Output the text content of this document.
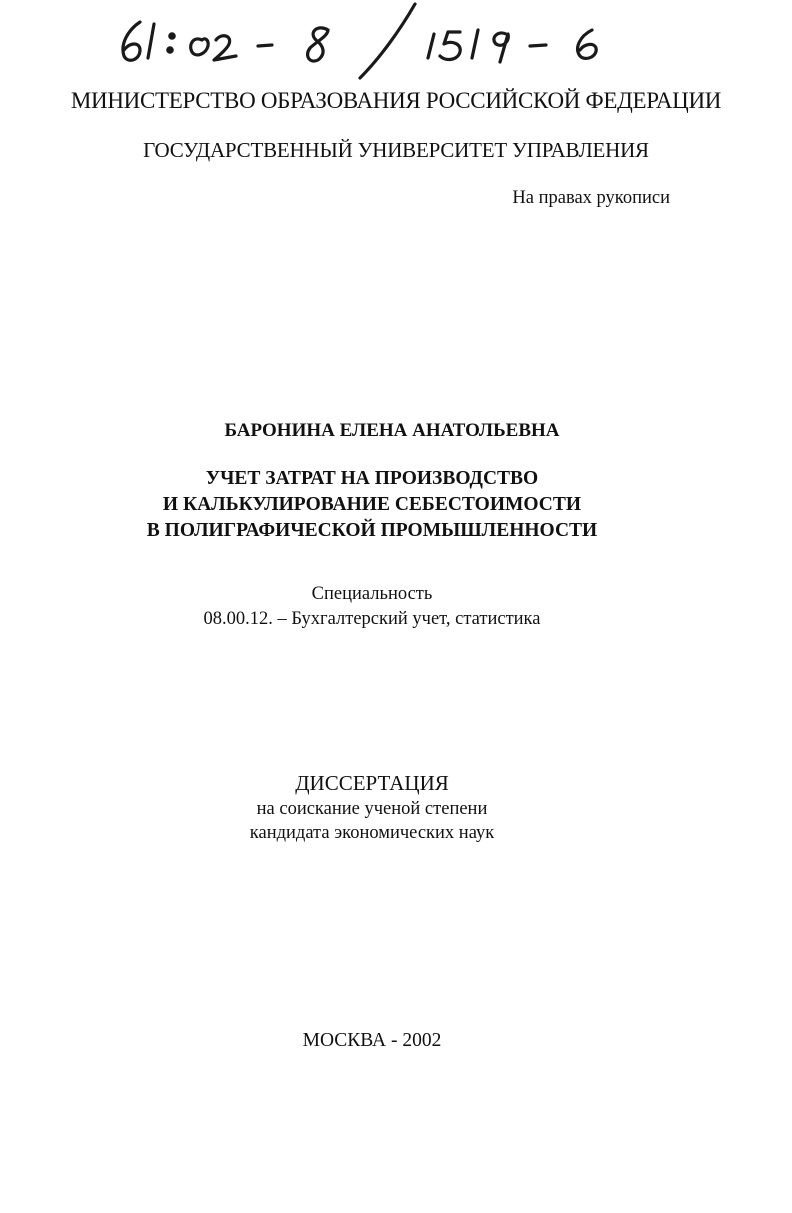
МИНИСТЕРСТВО ОБРАЗОВАНИЯ РОССИЙСКОЙ ФЕДЕРАЦИИ
ГОСУДАРСТВЕННЫЙ УНИВЕРСИТЕТ УПРАВЛЕНИЯ
На правах рукописи
БАРОНИНА ЕЛЕНА АНАТОЛЬЕВНА
УЧЕТ ЗАТРАТ НА ПРОИЗВОДСТВО
И КАЛЬКУЛИРОВАНИЕ СЕБЕСТОИМОСТИ
В ПОЛИГРАФИЧЕСКОЙ ПРОМЫШЛЕННОСТИ
Специальность
08.00.12. – Бухгалтерский учет, статистика
ДИССЕРТАЦИЯ
на соискание ученой степени
кандидата экономических наук
МОСКВА - 2002
